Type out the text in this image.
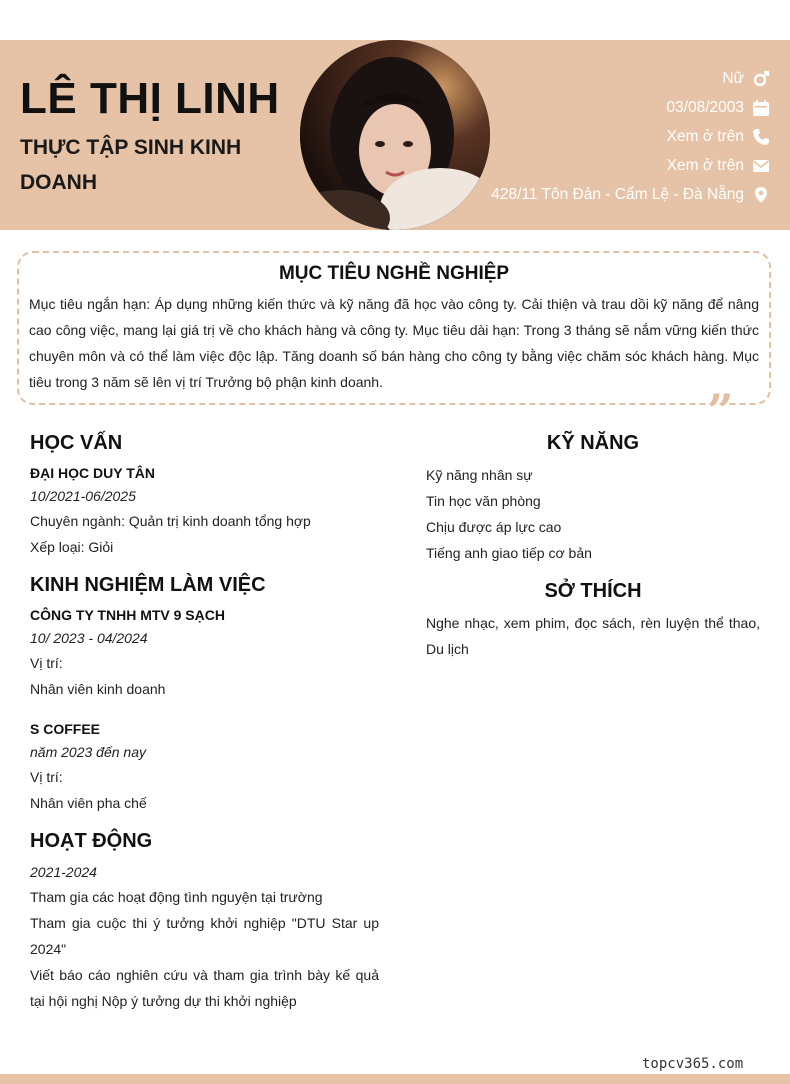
LÊ THỊ LINH
THỰC TẬP SINH KINH DOANH
Nữ
03/08/2003
Xem ở trên
Xem ở trên
428/11 Tôn Đản - Cẩm Lệ - Đà Nẵng
MỤC TIÊU NGHỀ NGHIỆP

Mục tiêu ngắn hạn: Áp dụng những kiến thức và kỹ năng đã học vào công ty. Cải thiện và trau dồi kỹ năng để nâng cao công việc, mang lại giá trị về cho khách hàng và công ty. Mục tiêu dài hạn: Trong 3 tháng sẽ nắm vững kiến thức chuyên môn và có thể làm việc độc lập. Tăng doanh số bán hàng cho công ty bằng việc chăm sóc khách hàng. Mục tiêu trong 3 năm sẽ lên vị trí Trưởng bộ phận kinh doanh.

”
HỌC VẤN
ĐẠI HỌC DUY TÂN
10/2021-06/2025
Chuyên ngành: Quản trị kinh doanh tổng hợp
Xếp loại: Giỏi
KINH NGHIỆM LÀM VIỆC
CÔNG TY TNHH MTV 9 SẠCH
10/ 2023 - 04/2024
Vị trí:
Nhân viên kinh doanh
S COFFEE
năm 2023 đến nay
Vị trí:
Nhân viên pha chế
HOẠT ĐỘNG
2021-2024
Tham gia các hoạt động tình nguyện tại trường
Tham gia cuộc thi ý tưởng khởi nghiệp "DTU Star up 2024"
Viết báo cáo nghiên cứu và tham gia trình bày kế quả tại hội nghị Nộp ý tưởng dự thi khởi nghiệp
KỸ NĂNG
Kỹ năng nhân sự
Tin học văn phòng
Chịu được áp lực cao
Tiếng anh giao tiếp cơ bản
SỞ THÍCH
Nghe nhạc, xem phim, đọc sách, rèn luyện thể thao, Du lịch
topcv365.com
